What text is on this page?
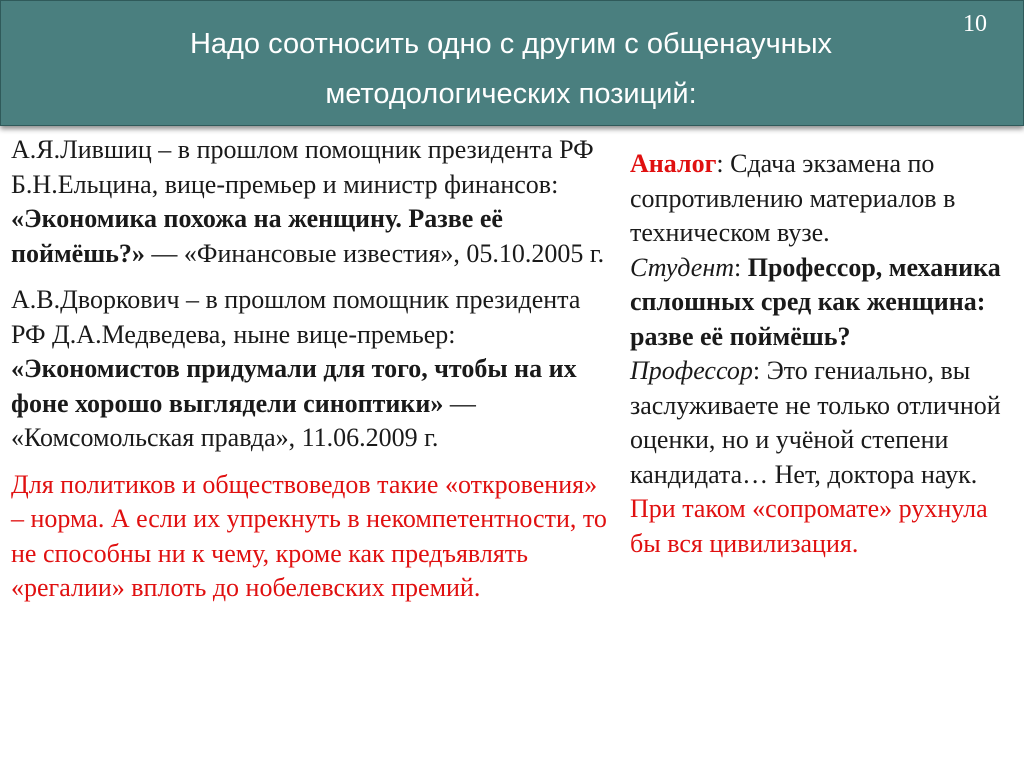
Надо соотносить одно с другим с общенаучных
методологических позиций:
10

А.Я.Лившиц – в прошлом помощник президента РФ Б.Н.Ельцина, вице-премьер и министр финансов: «Экономика похожа на женщину. Разве её поймёшь?» — «Финансовые известия», 05.10.2005 г.

А.В.Дворкович – в прошлом помощник президента РФ Д.А.Медведева, ныне вице-премьер: «Экономистов придумали для того, чтобы на их фоне хорошо выглядели синоптики» — «Комсомольская правда», 11.06.2009 г.

Для политиков и обществоведов такие «откровения» – норма. А если их упрекнуть в некомпетентности, то не способны ни к чему, кроме как предъявлять «регалии» вплоть до нобелевских премий.

Аналог: Сдача экзамена по сопротивлению материалов в техническом вузе.

Студент: Профессор, механика сплошных сред как женщина: разве её поймёшь?

Профессор: Это гениально, вы заслуживаете не только отличной оценки, но и учёной степени кандидата… Нет, доктора наук.

При таком «сопромате» рухнула бы вся цивилизация.
